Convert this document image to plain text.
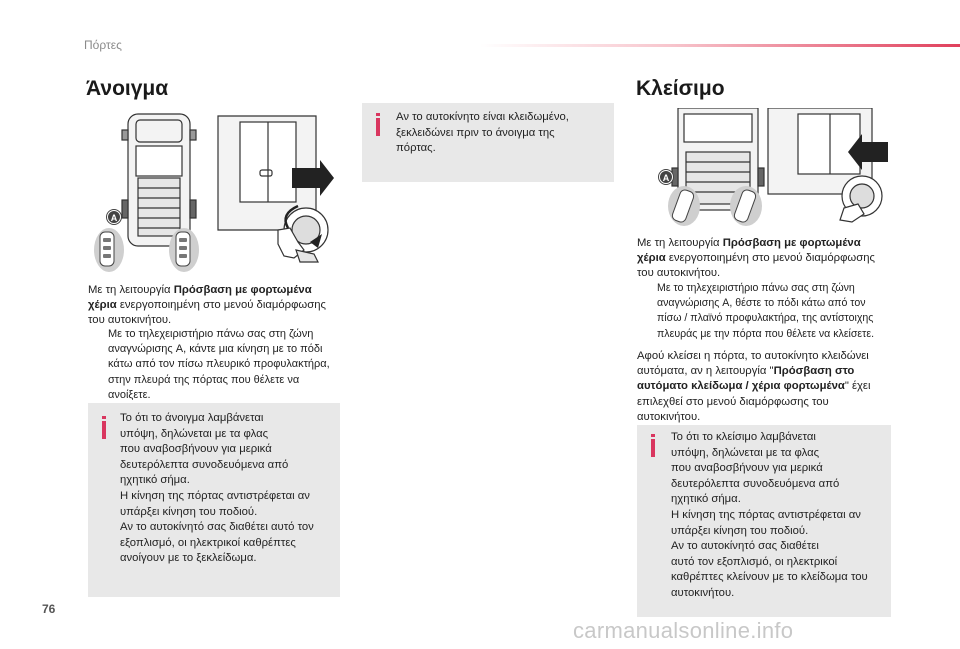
Πόρτες
Άνοιγμα
A
Με τη λειτουργία Πρόσβαση με φορτωμένα χέρια ενεργοποιημένη στο μενού διαμόρφωσης του αυτοκινήτου.
Με το τηλεχειριστήριο πάνω σας στη ζώνη αναγνώρισης A, κάντε μια κίνηση με το πόδι κάτω από τον πίσω πλευρικό προφυλακτήρα, στην πλευρά της πόρτας που θέλετε να ανοίξετε.
Το ότι το άνοιγμα λαμβάνεται
υπόψη, δηλώνεται με τα φλας
που αναβοσβήνουν για μερικά
δευτερόλεπτα συνοδευόμενα από
ηχητικό σήμα.
Η κίνηση της πόρτας αντιστρέφεται αν
υπάρξει κίνηση του ποδιού.
Αν το αυτοκίνητό σας διαθέτει αυτό τον
εξοπλισμό, οι ηλεκτρικοί καθρέπτες
ανοίγουν με το ξεκλείδωμα.
Αν το αυτοκίνητο είναι κλειδωμένο,
ξεκλειδώνει πριν το άνοιγμα της
πόρτας.
Κλείσιμο
A
Με τη λειτουργία Πρόσβαση με φορτωμένα χέρια ενεργοποιημένη στο μενού διαμόρφωσης του αυτοκινήτου.
Με το τηλεχειριστήριο πάνω σας στη ζώνη αναγνώρισης A, θέστε το πόδι κάτω από τον πίσω / πλαϊνό προφυλακτήρα, της αντίστοιχης πλευράς με την πόρτα που θέλετε να κλείσετε.
Αφού κλείσει η πόρτα, το αυτοκίνητο κλειδώνει αυτόματα, αν η λειτουργία "Πρόσβαση στο αυτόματο κλείδωμα / χέρια φορτωμένα" έχει επιλεχθεί στο μενού διαμόρφωσης του αυτοκινήτου.
Το ότι το κλείσιμο λαμβάνεται
υπόψη, δηλώνεται με τα φλας
που αναβοσβήνουν για μερικά
δευτερόλεπτα συνοδευόμενα από
ηχητικό σήμα.
Η κίνηση της πόρτας αντιστρέφεται αν
υπάρξει κίνηση του ποδιού.
Αν το αυτοκίνητό σας διαθέτει
αυτό τον εξοπλισμό, οι ηλεκτρικοί
καθρέπτες κλείνουν με το κλείδωμα του
αυτοκινήτου.
76
carmanualsonline.info
